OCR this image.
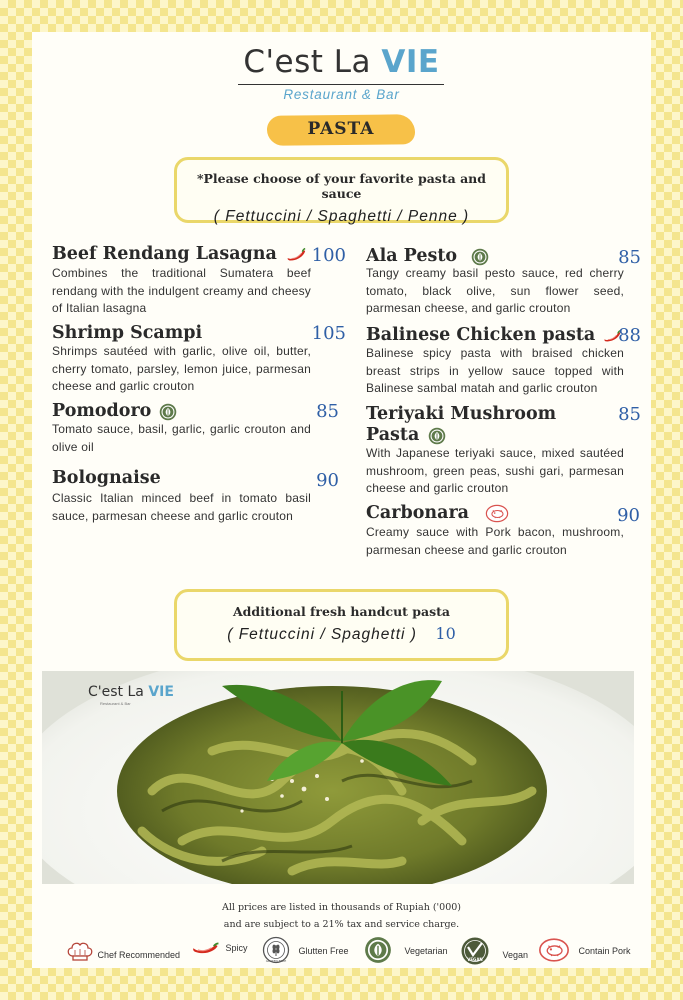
C'est La VIE
Restaurant & Bar
PASTA
*Please choose of your favorite pasta and sauce
( Fettuccini / Spaghetti / Penne )
Beef Rendang Lasagna	100
Combines the traditional Sumatera beef rendang with the indulgent creamy and cheesy of Italian lasagna
Shrimp Scampi	105
Shrimps sautéed with garlic, olive oil, butter, cherry tomato, parsley, lemon juice, parmesan cheese and garlic crouton
Pomodoro	85
Tomato sauce, basil, garlic, garlic crouton and olive oil
Bolognaise	90
Classic Italian minced beef in tomato basil sauce, parmesan cheese and garlic crouton
Ala Pesto	85
Tangy creamy basil pesto sauce, red cherry tomato, black olive, sun flower seed, parmesan cheese, and garlic crouton
Balinese Chicken pasta	88
Balinese spicy pasta with braised chicken breast strips in yellow sauce topped with Balinese sambal matah and garlic crouton
Teriyaki Mushroom
Pasta
85
With Japanese teriyaki sauce, mixed sautéed mushroom, green peas, sushi gari, parmesan cheese and garlic crouton
Carbonara	90
Creamy sauce with Pork bacon, mushroom, parmesan cheese and garlic crouton
Additional fresh handcut pasta
( Fettuccini / Spaghetti ) 10
C'est La VIE
Restaurant & Bar
All prices are listed in thousands of Rupiah ('000)
and are subject to a 21% tax and service charge.
Chef Recommended
Spicy
GLUTEN FREE
Glutten Free	Vegetarian
VEGAN Vegan	Contain Pork
